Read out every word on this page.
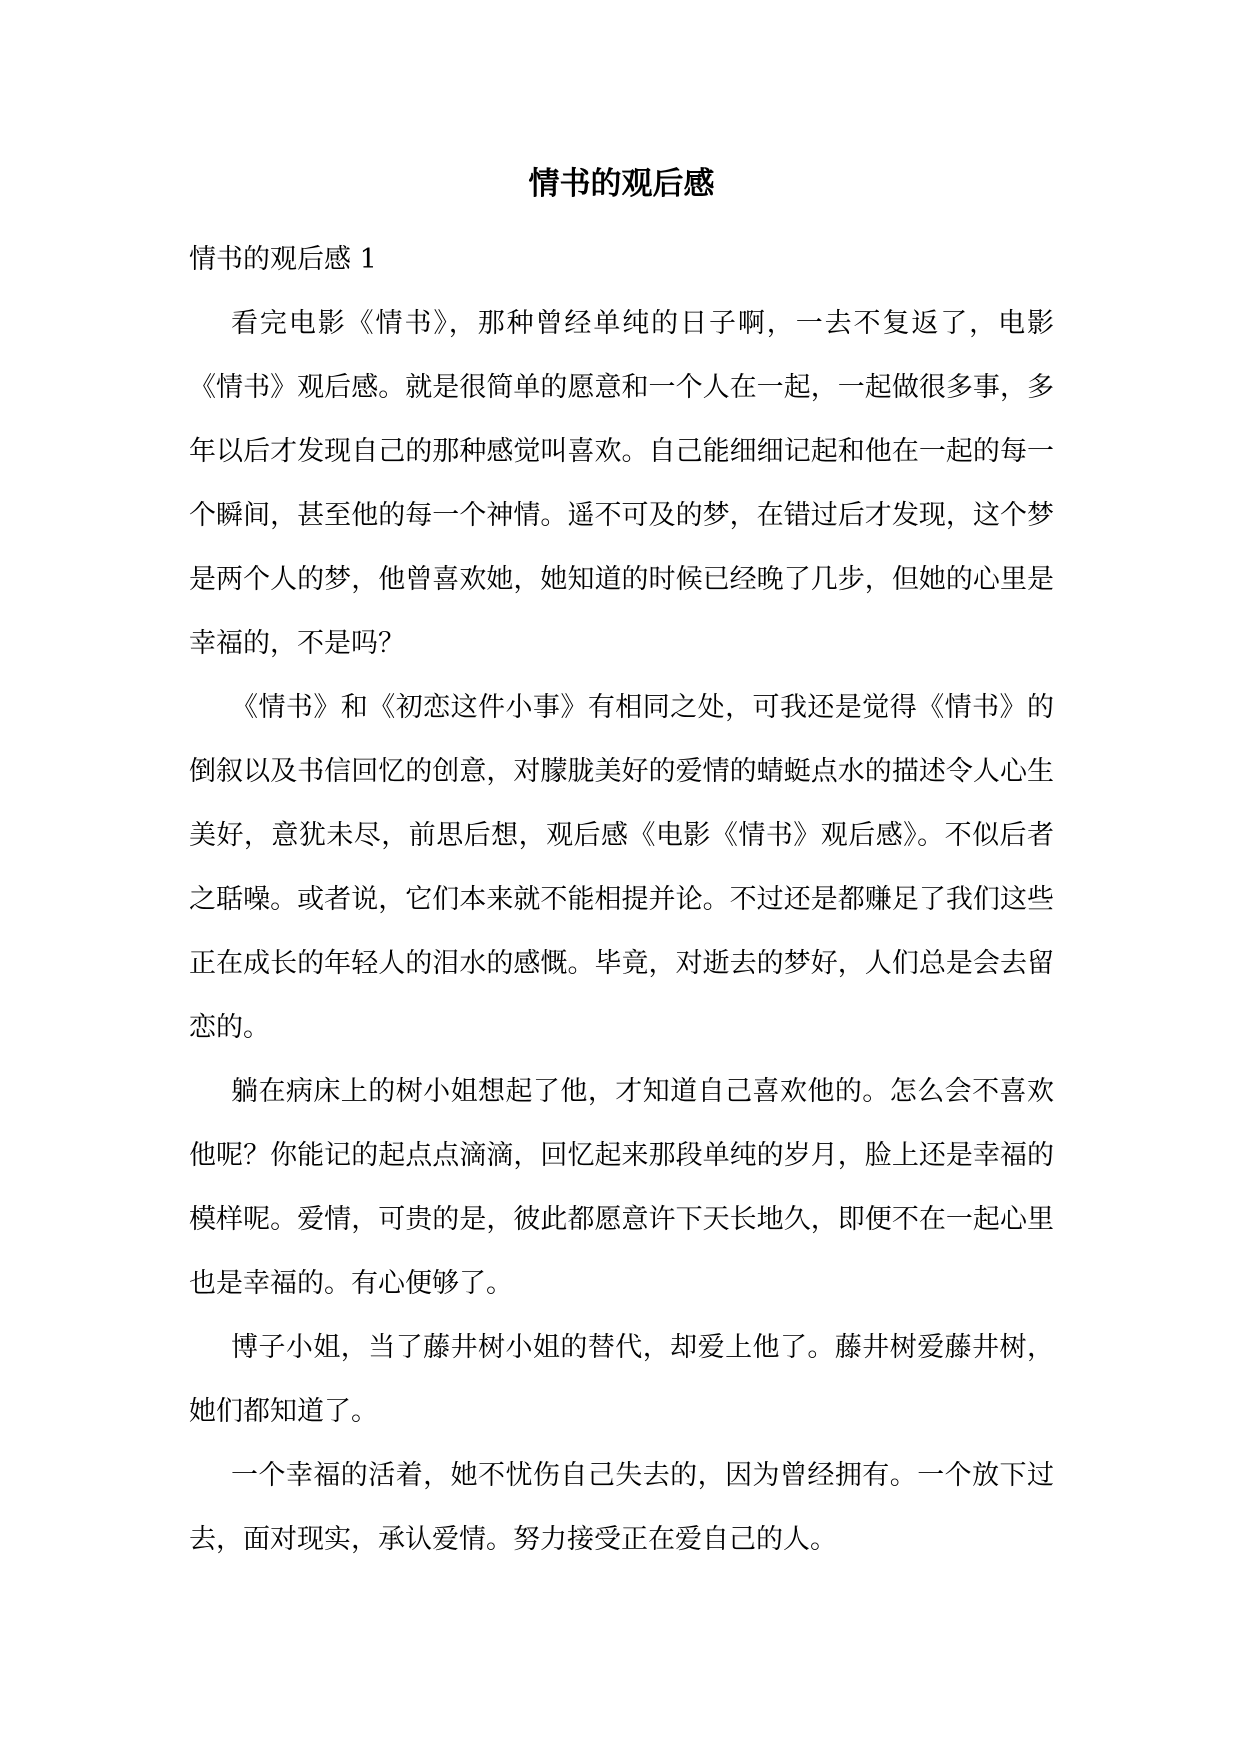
情书的观后感
情书的观后感 1

看完电影《情书》，那种曾经单纯的日子啊，一去不复返了，电影《情书》观后感。就是很简单的愿意和一个人在一起，一起做很多事，多年以后才发现自己的那种感觉叫喜欢。自己能细细记起和他在一起的每一个瞬间，甚至他的每一个神情。遥不可及的梦，在错过后才发现，这个梦是两个人的梦，他曾喜欢她，她知道的时候已经晚了几步，但她的心里是幸福的，不是吗？

《情书》和《初恋这件小事》有相同之处，可我还是觉得《情书》的倒叙以及书信回忆的创意，对朦胧美好的爱情的蜻蜓点水的描述令人心生美好，意犹未尽，前思后想，观后感《电影《情书》观后感》。不似后者之聒噪。或者说，它们本来就不能相提并论。不过还是都赚足了我们这些正在成长的年轻人的泪水的感慨。毕竟，对逝去的梦好，人们总是会去留恋的。

躺在病床上的树小姐想起了他，才知道自己喜欢他的。怎么会不喜欢他呢？你能记的起点点滴滴，回忆起来那段单纯的岁月，脸上还是幸福的模样呢。爱情，可贵的是，彼此都愿意许下天长地久，即便不在一起心里也是幸福的。有心便够了。

博子小姐，当了藤井树小姐的替代，却爱上他了。藤井树爱藤井树，她们都知道了。

一个幸福的活着，她不忧伤自己失去的，因为曾经拥有。一个放下过去，面对现实，承认爱情。努力接受正在爱自己的人。
